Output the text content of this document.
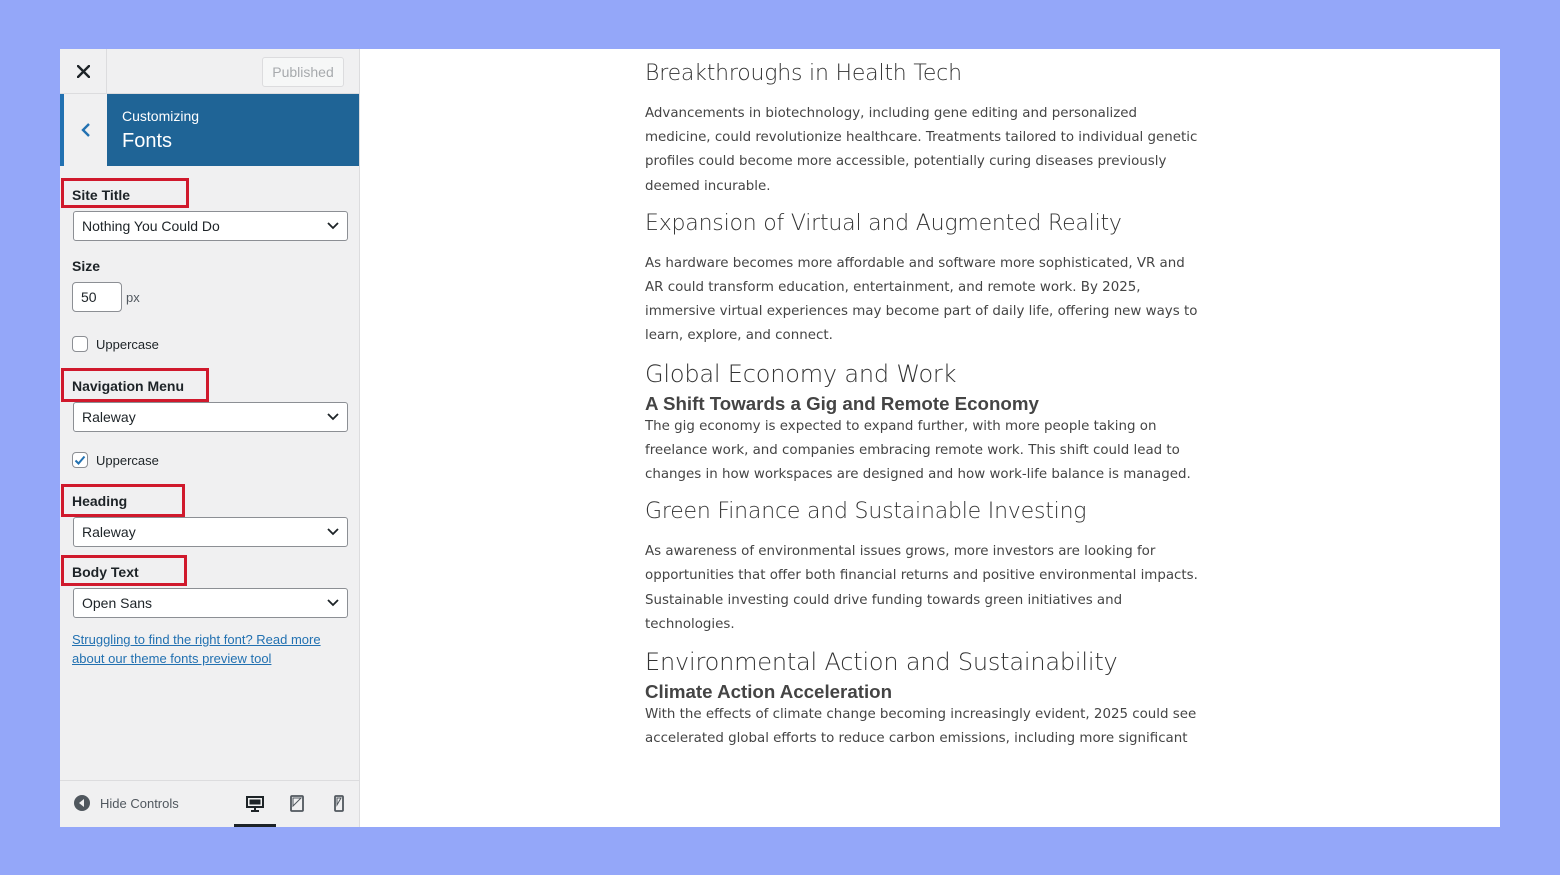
Published
Customizing
Fonts
Site Title
Nothing You Could Do
Size
50	px
Uppercase
Navigation Menu
Raleway
Uppercase
Heading
Raleway
Body Text
Open Sans
Struggling to find the right font? Read more about our theme fonts preview tool
Hide Controls
Breakthroughs in Health Tech

Advancements in biotechnology, including gene editing and personalized medicine, could revolutionize healthcare. Treatments tailored to individual genetic profiles could become more accessible, potentially curing diseases previously deemed incurable.

Expansion of Virtual and Augmented Reality

As hardware becomes more affordable and software more sophisticated, VR and AR could transform education, entertainment, and remote work. By 2025, immersive virtual experiences may become part of daily life, offering new ways to learn, explore, and connect.

Global Economy and Work
A Shift Towards a Gig and Remote Economy

The gig economy is expected to expand further, with more people taking on freelance work, and companies embracing remote work. This shift could lead to changes in how workspaces are designed and how work-life balance is managed.

Green Finance and Sustainable Investing

As awareness of environmental issues grows, more investors are looking for opportunities that offer both financial returns and positive environmental impacts. Sustainable investing could drive funding towards green initiatives and technologies.

Environmental Action and Sustainability
Climate Action Acceleration

With the effects of climate change becoming increasingly evident, 2025 could see accelerated global efforts to reduce carbon emissions, including more significant
